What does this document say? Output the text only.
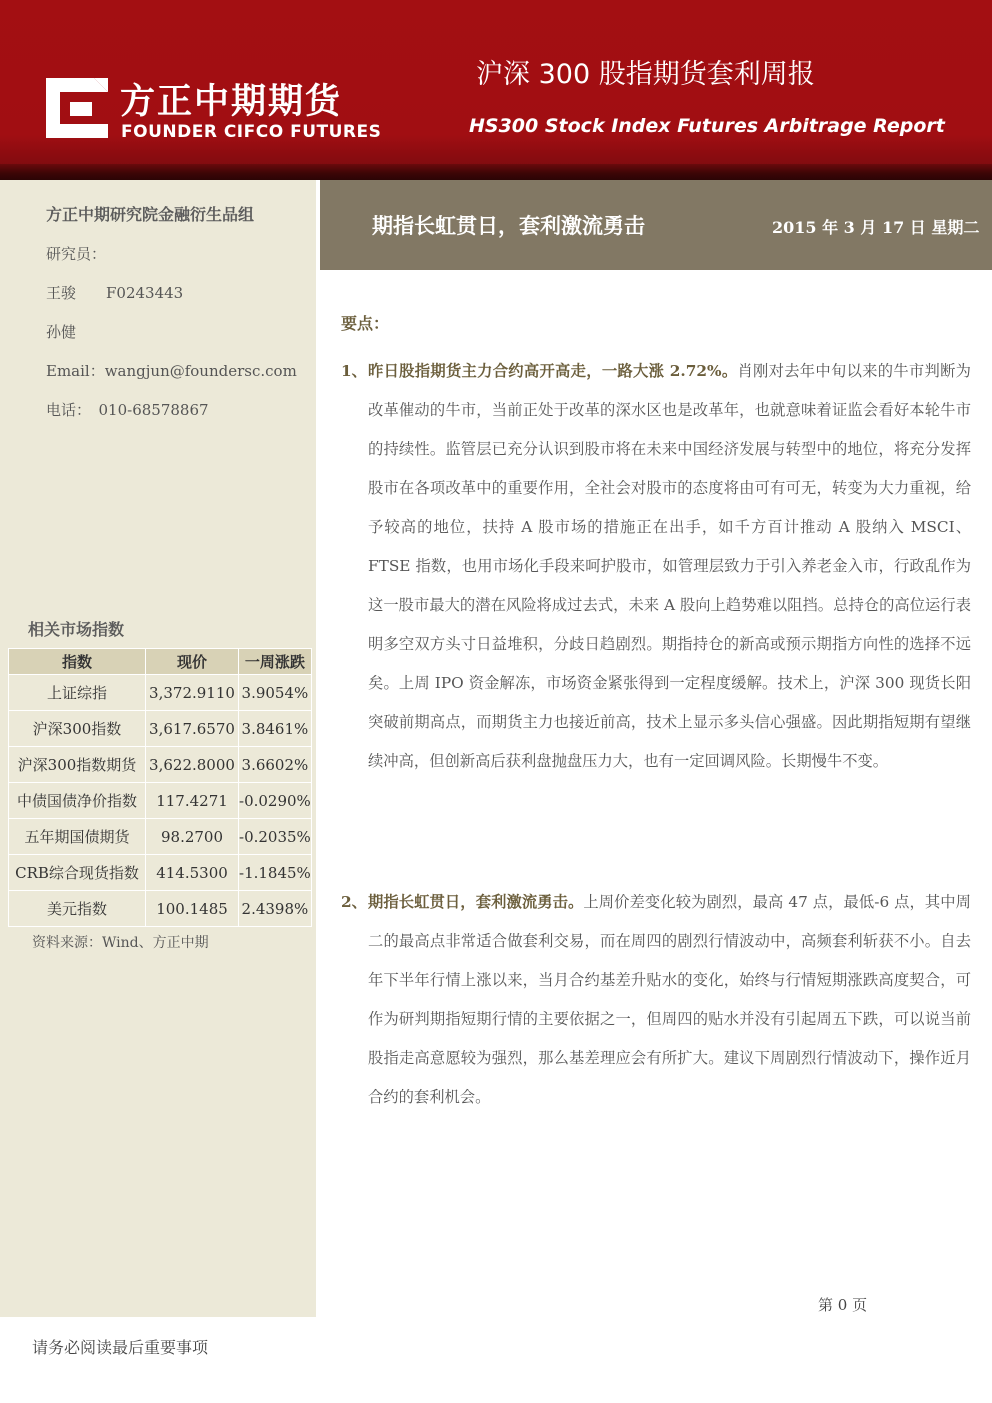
方正中期期货
FOUNDER CIFCO FUTURES
沪深 300 股指期货套利周报
HS300 Stock Index Futures Arbitrage Report
方正中期研究院金融衍生品组
研究员：
王骏　　F0243443
孙健
Email：wangjun@foundersc.com
电话：　010-68578867
相关市场指数
指数	现价	一周涨跌
上证综指	3,372.9110	3.9054%
沪深300指数	3,617.6570	3.8461%
沪深300指数期货	3,622.8000	3.6602%
中债国债净价指数	117.4271	-0.0290%
五年期国债期货	98.2700	-0.2035%
CRB综合现货指数	414.5300	-1.1845%
美元指数	100.1485	2.4398%
资料来源：Wind、方正中期
期指长虹贯日，套利激流勇击	2015 年 3 月 17 日 星期二
要点：
1、 昨日股指期货主力合约高开高走，一路大涨 2.72%。肖刚对去年中旬以来的牛市判断为改革催动的牛市，当前正处于改革的深水区也是改革年，也就意味着证监会看好本轮牛市的持续性。监管层已充分认识到股市将在未来中国经济发展与转型中的地位，将充分发挥股市在各项改革中的重要作用，全社会对股市的态度将由可有可无，转变为大力重视，给予较高的地位，扶持 A 股市场的措施正在出手，如千方百计推动 A 股纳入 MSCI、FTSE 指数，也用市场化手段来呵护股市，如管理层致力于引入养老金入市，行政乱作为这一股市最大的潜在风险将成过去式，未来 A 股向上趋势难以阻挡。总持仓的高位运行表明多空双方头寸日益堆积，分歧日趋剧烈。期指持仓的新高或预示期指方向性的选择不远矣。上周 IPO 资金解冻，市场资金紧张得到一定程度缓解。技术上，沪深 300 现货长阳突破前期高点，而期货主力也接近前高，技术上显示多头信心强盛。因此期指短期有望继续冲高，但创新高后获利盘抛盘压力大，也有一定回调风险。长期慢牛不变。
2、 期指长虹贯日，套利激流勇击。上周价差变化较为剧烈，最高 47 点，最低-6 点，其中周二的最高点非常适合做套利交易，而在周四的剧烈行情波动中，高频套利斩获不小。自去年下半年行情上涨以来，当月合约基差升贴水的变化，始终与行情短期涨跌高度契合，可作为研判期指短期行情的主要依据之一，但周四的贴水并没有引起周五下跌，可以说当前股指走高意愿较为强烈，那么基差理应会有所扩大。建议下周剧烈行情波动下，操作近月合约的套利机会。
第 0 页
请务必阅读最后重要事项
